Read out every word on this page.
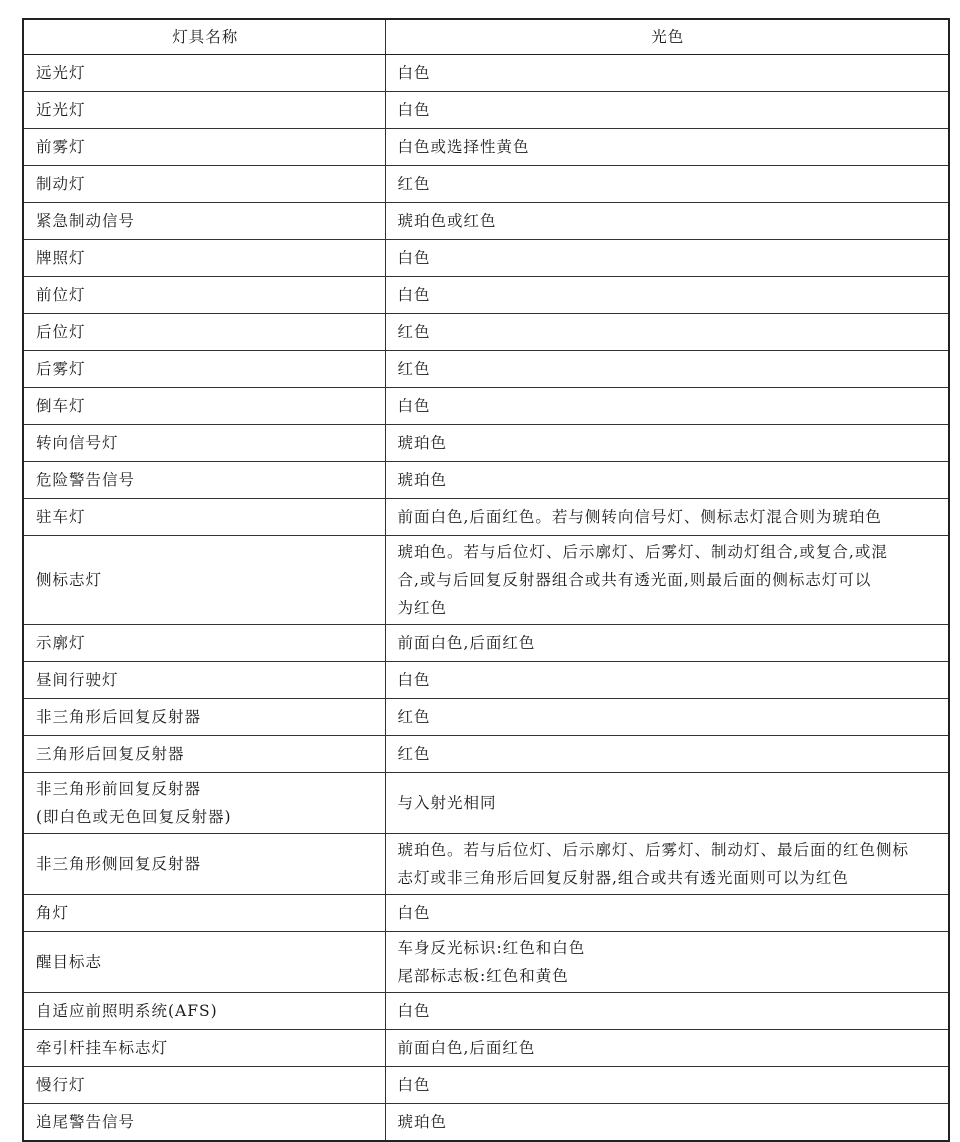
灯具名称	光色

远光灯	白色

近光灯	白色

前雾灯	白色或选择性黄色

制动灯	红色

紧急制动信号	琥珀色或红色

牌照灯	白色

前位灯	白色

后位灯	红色

后雾灯	红色

倒车灯	白色

转向信号灯	琥珀色

危险警告信号	琥珀色

驻车灯	前面白色,后面红色。若与侧转向信号灯、侧标志灯混合则为琥珀色

侧标志灯	琥珀色。若与后位灯、后示廓灯、后雾灯、制动灯组合,或复合,或混
合,或与后回复反射器组合或共有透光面,则最后面的侧标志灯可以
为红色

示廓灯	前面白色,后面红色

昼间行驶灯	白色

非三角形后回复反射器	红色

三角形后回复反射器	红色

非三角形前回复反射器
(即白色或无色回复反射器)	与入射光相同

非三角形侧回复反射器	琥珀色。若与后位灯、后示廓灯、后雾灯、制动灯、最后面的红色侧标
志灯或非三角形后回复反射器,组合或共有透光面则可以为红色

角灯	白色

醒目标志	车身反光标识:红色和白色
尾部标志板:红色和黄色

自适应前照明系统(AFS)	白色

牵引杆挂车标志灯	前面白色,后面红色

慢行灯	白色

追尾警告信号	琥珀色
